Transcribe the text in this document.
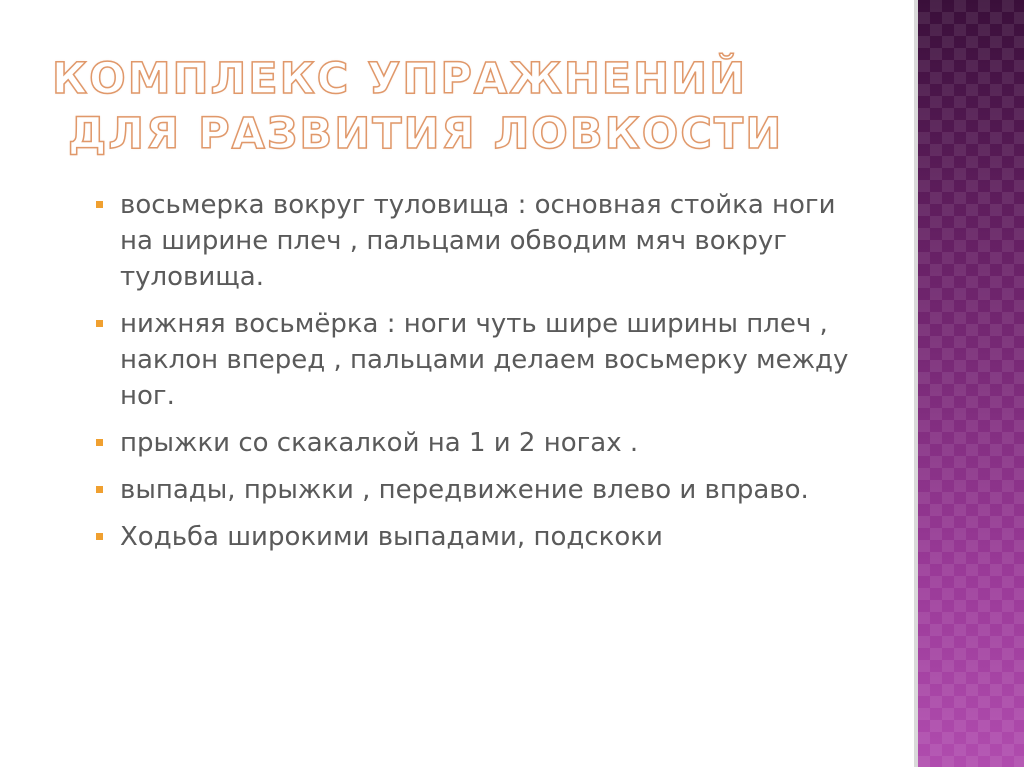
КОМПЛЕКС УПРАЖНЕНИЙ
ДЛЯ РАЗВИТИЯ ЛОВКОСТИ
восьмерка вокруг туловища : основная стойка ноги на ширине плеч , пальцами обводим мяч вокруг туловища.
нижняя восьмёрка : ноги чуть шире ширины плеч , наклон вперед , пальцами делаем восьмерку между ног.
прыжки со скакалкой на 1 и 2 ногах .
выпады, прыжки , передвижение влево и вправо.
Ходьба широкими выпадами, подскоки
